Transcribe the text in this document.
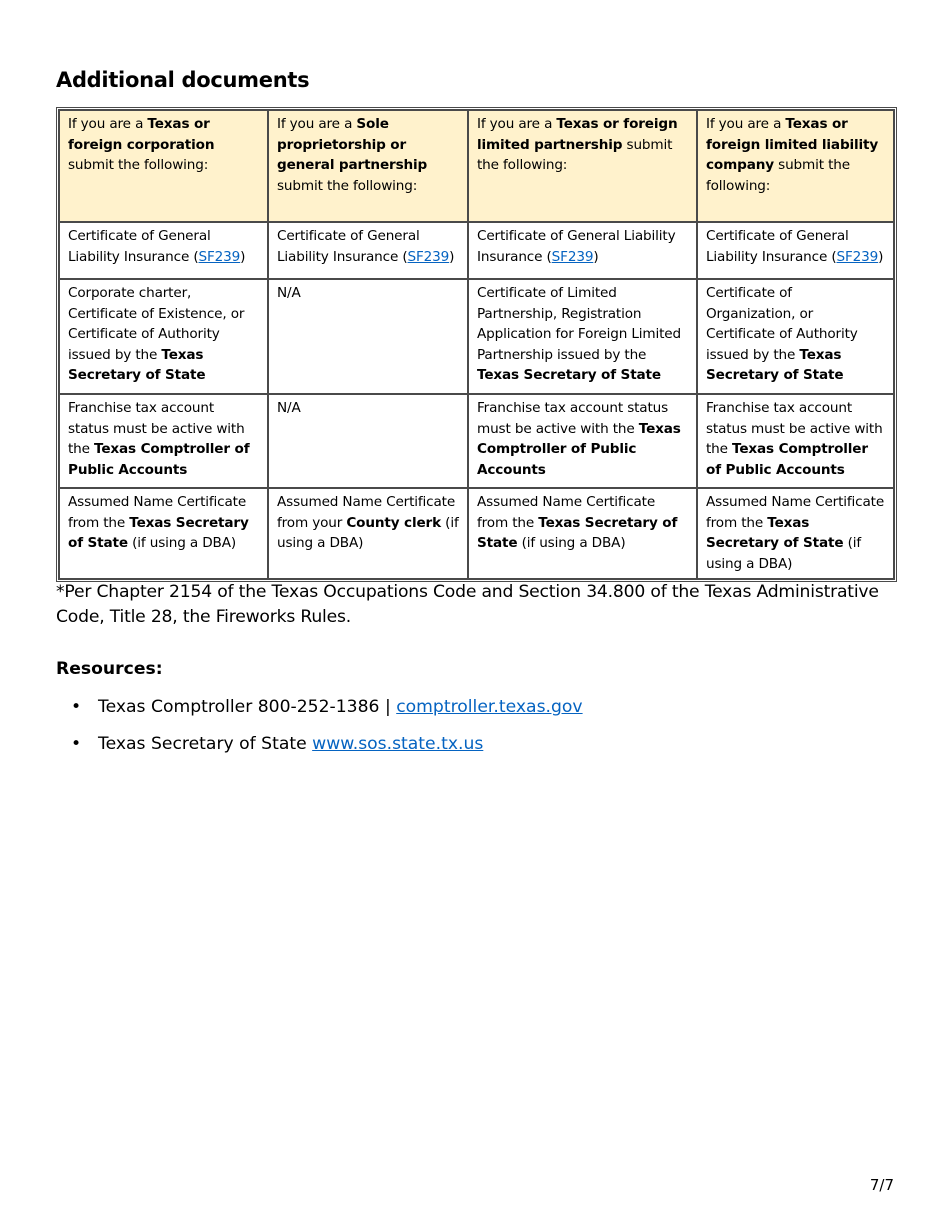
Additional documents
If you are a Texas or foreign corporation submit the following:	If you are a Sole proprietorship or general partnership submit the following:	If you are a Texas or foreign limited partnership submit the following:	If you are a Texas or foreign limited liability company submit the following:
Certificate of General Liability Insurance (SF239)	Certificate of General Liability Insurance (SF239)	Certificate of General Liability Insurance (SF239)	Certificate of General Liability Insurance (SF239)
Corporate charter, Certificate of Existence, or Certificate of Authority issued by the Texas Secretary of State	N/A	Certificate of Limited Partnership, Registration Application for Foreign Limited Partnership issued by the Texas Secretary of State	Certificate of Organization, or Certificate of Authority issued by the Texas Secretary of State
Franchise tax account status must be active with the Texas Comptroller of Public Accounts	N/A	Franchise tax account status must be active with the Texas Comptroller of Public Accounts	Franchise tax account status must be active with the Texas Comptroller of Public Accounts
Assumed Name Certificate from the Texas Secretary of State (if using a DBA)	Assumed Name Certificate from your County clerk (if using a DBA)	Assumed Name Certificate from the Texas Secretary of State (if using a DBA)	Assumed Name Certificate from the Texas Secretary of State (if using a DBA)

*Per Chapter 2154 of the Texas Occupations Code and Section 34.800 of the Texas Administrative Code, Title 28, the Fireworks Rules.

Resources:
• Texas Comptroller 800-252-1386 | comptroller.texas.gov
• Texas Secretary of State www.sos.state.tx.us
7/7
